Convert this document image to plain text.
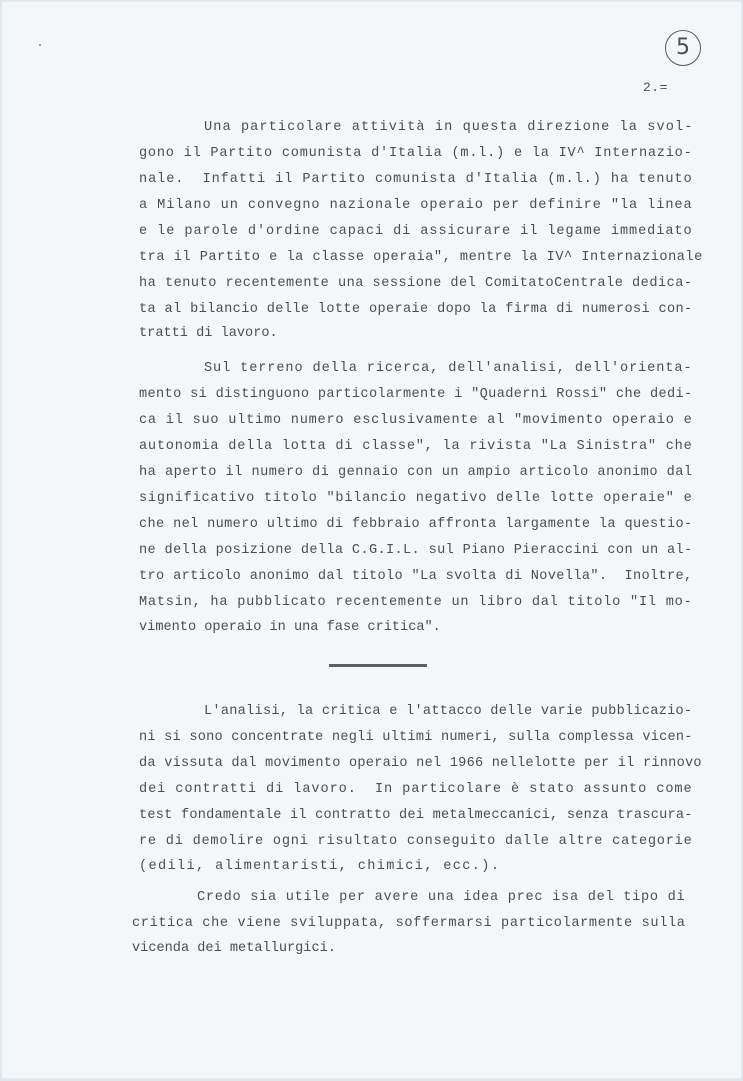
5
2.=
Una particolare attività in questa direzione la svol-
gono il Partito comunista d'Italia (m.l.) e la IV^ Internazio-
nale.  Infatti il Partito comunista d'Italia (m.l.) ha tenuto
a Milano un convegno nazionale operaio per definire "la linea
e le parole d'ordine capaci di assicurare il legame immediato
tra il Partito e la classe operaia", mentre la IV^ Internazionale
ha tenuto recentemente una sessione del ComitatoCentrale dedica-
ta al bilancio delle lotte operaie dopo la firma di numerosi con-
tratti di lavoro.
Sul terreno della ricerca, dell'analisi, dell'orienta-
mento si distinguono particolarmente i "Quaderni Rossi" che dedi-
ca il suo ultimo numero esclusivamente al "movimento operaio e
autonomia della lotta di classe", la rivista "La Sinistra" che
ha aperto il numero di gennaio con un ampio articolo anonimo dal
significativo titolo "bilancio negativo delle lotte operaie" e
che nel numero ultimo di febbraio affronta largamente la questio-
ne della posizione della C.G.I.L. sul Piano Pieraccini con un al-
tro articolo anonimo dal titolo "La svolta di Novella".  Inoltre,
Matsin, ha pubblicato recentemente un libro dal titolo "Il mo-
vimento operaio in una fase critica".
L'analisi, la critica e l'attacco delle varie pubblicazio-
ni si sono concentrate negli ultimi numeri, sulla complessa vicen-
da vissuta dal movimento operaio nel 1966 nellelotte per il rinnovo
dei contratti di lavoro.  In particolare è stato assunto come
test fondamentale il contratto dei metalmeccanici, senza trascura-
re di demolire ogni risultato conseguito dalle altre categorie
(edili, alimentaristi, chimici, ecc.).
Credo sia utile per avere una idea prec isa del tipo di
critica che viene sviluppata, soffermarsi particolarmente sulla
vicenda dei metallurgici.
